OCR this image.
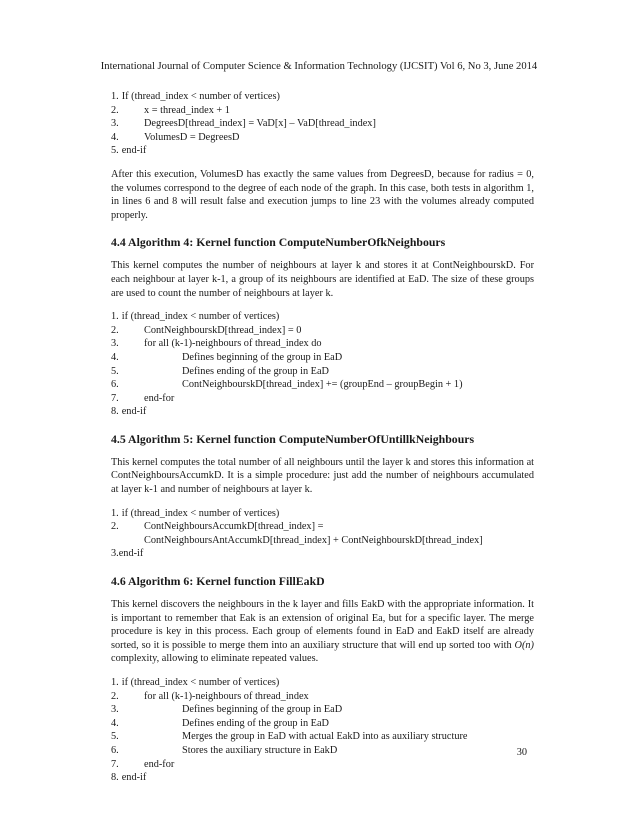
International Journal of Computer Science & Information Technology (IJCSIT) Vol 6, No 3, June 2014
1. If (thread_index < number of vertices)
2.	x = thread_index + 1
3.	DegreesD[thread_index] = VaD[x] – VaD[thread_index]
4.	VolumesD = DegreesD
5. end-if

After this execution, VolumesD has exactly the same values from DegreesD, because for radius = 0, the volumes correspond to the degree of each node of the graph. In this case, both tests in algorithm 1, in lines 6 and 8 will result false and execution jumps to line 23 with the volumes already computed properly.

4.4 Algorithm 4: Kernel function ComputeNumberOfkNeighbours

This kernel computes the number of neighbours at layer k and stores it at ContNeighbourskD. For each neighbour at layer k-1, a group of its neighbours are identified at EaD. The size of these groups are used to count the number of neighbours at layer k.

1. if (thread_index < number of vertices)
2.	ContNeighbourskD[thread_index] = 0
3.	for all (k-1)-neighbours of thread_index do
4.	Defines beginning of the group in EaD
5.	Defines ending of the group in EaD
6.	ContNeighbourskD[thread_index] += (groupEnd – groupBegin + 1)
7.	end-for
8. end-if
4.5 Algorithm 5: Kernel function ComputeNumberOfUntillkNeighbours

This kernel computes the total number of all neighbours until the layer k and stores this information at ContNeighboursAccumkD. It is a simple procedure: just add the number of neighbours accumulated at layer k-1 and number of neighbours at layer k.

1. if (thread_index < number of vertices)
2.	ContNeighboursAccumkD[thread_index] =
ContNeighboursAntAccumkD[thread_index] + ContNeighbourskD[thread_index]
3.end-if
4.6 Algorithm 6: Kernel function FillEakD

This kernel discovers the neighbours in the k layer and fills EakD with the appropriate information. It is important to remember that Eak is an extension of original Ea, but for a specific layer. The merge procedure is key in this process. Each group of elements found in EaD and EakD itself are already sorted, so it is possible to merge them into an auxiliary structure that will end up sorted too with O(n) complexity, allowing to eliminate repeated values.

1. if (thread_index < number of vertices)
2.	for all (k-1)-neighbours of thread_index
3.	Defines beginning of the group in EaD
4.	Defines ending of the group in EaD
5.	Merges the group in EaD with actual EakD into as auxiliary structure
6.	Stores the auxiliary structure in EakD
7.	end-for
8. end-if
30
